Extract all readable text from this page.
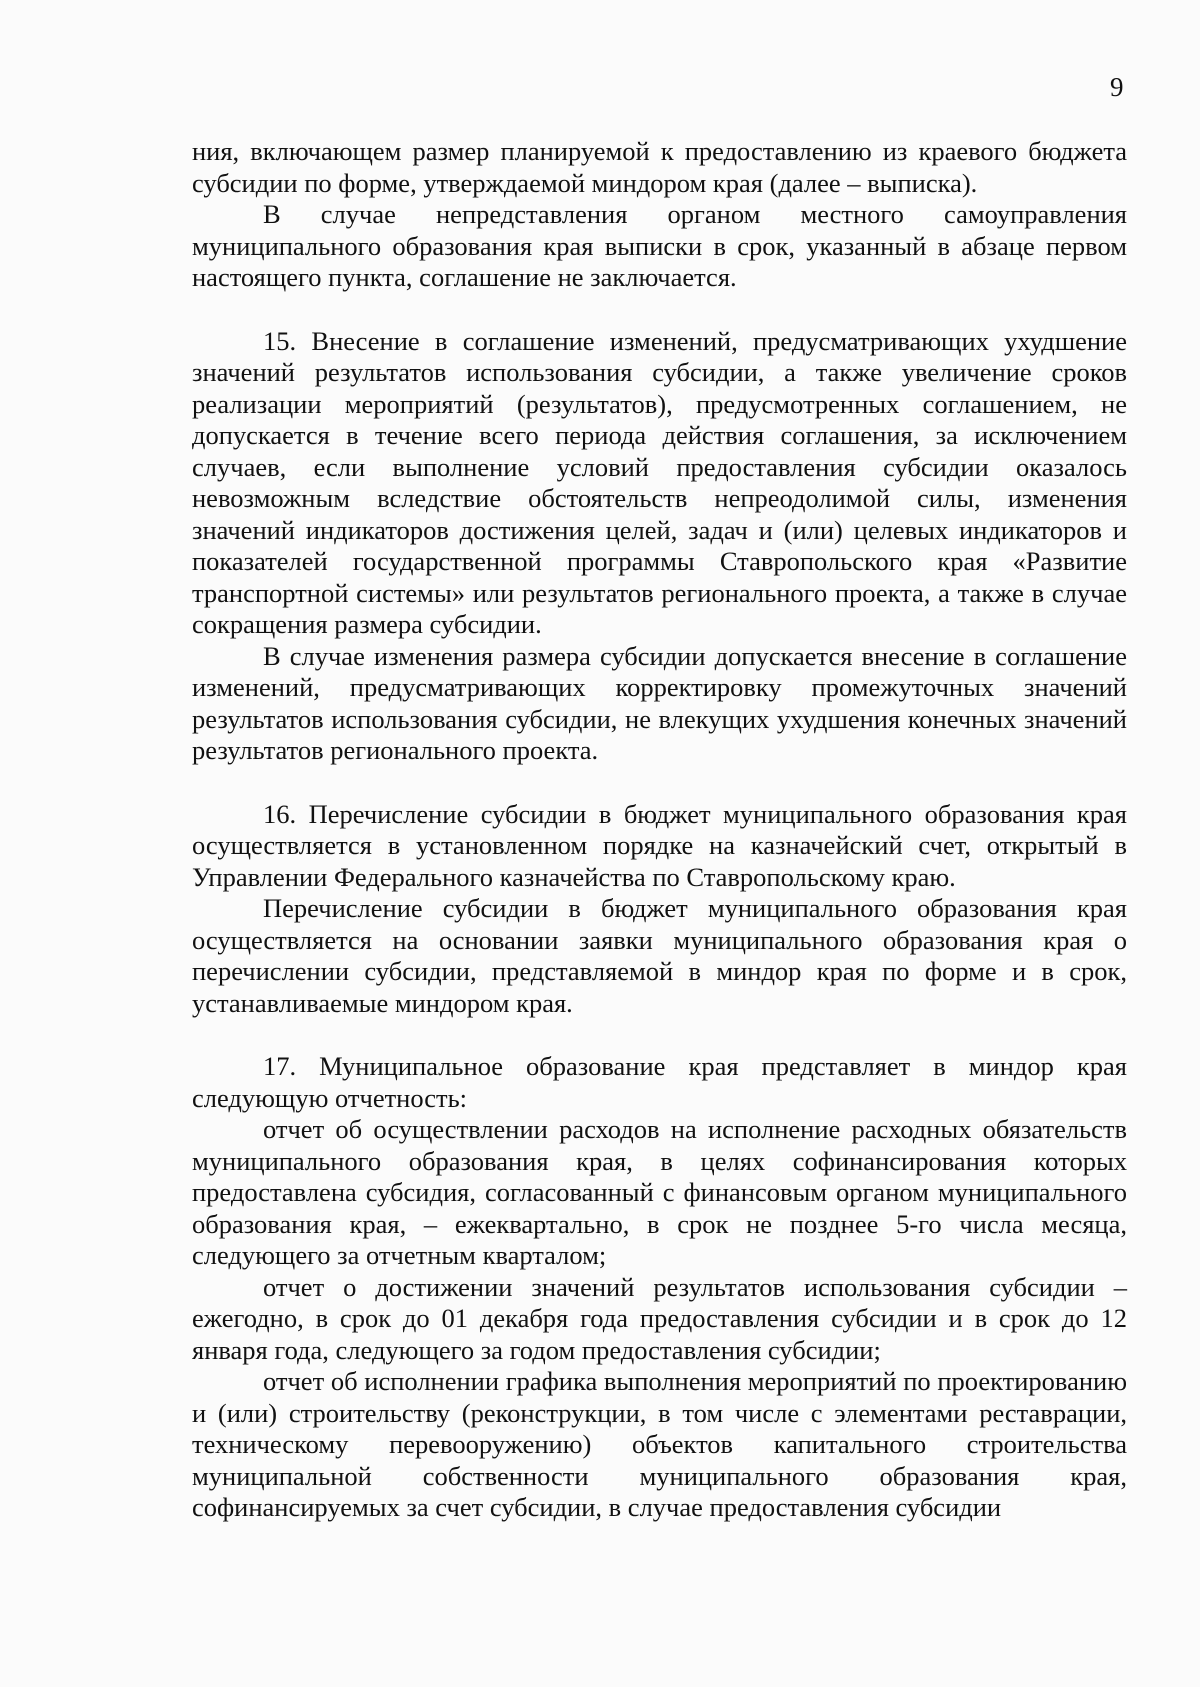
9

ния, включающем размер планируемой к предоставлению из краевого бюджета субсидии по форме, утверждаемой миндором края (далее – выписка).

В случае непредставления органом местного самоуправления муниципального образования края выписки в срок, указанный в абзаце первом настоящего пункта, соглашение не заключается.

15. Внесение в соглашение изменений, предусматривающих ухудшение значений результатов использования субсидии, а также увеличение сроков реализации мероприятий (результатов), предусмотренных соглашением, не допускается в течение всего периода действия соглашения, за исключением случаев, если выполнение условий предоставления субсидии оказалось невозможным вследствие обстоятельств непреодолимой силы, изменения значений индикаторов достижения целей, задач и (или) целевых индикаторов и показателей государственной программы Ставропольского края «Развитие транспортной системы» или результатов регионального проекта, а также в случае сокращения размера субсидии.

В случае изменения размера субсидии допускается внесение в соглашение изменений, предусматривающих корректировку промежуточных значений результатов использования субсидии, не влекущих ухудшения конечных значений результатов регионального проекта.

16. Перечисление субсидии в бюджет муниципального образования края осуществляется в установленном порядке на казначейский счет, открытый в Управлении Федерального казначейства по Ставропольскому краю.

Перечисление субсидии в бюджет муниципального образования края осуществляется на основании заявки муниципального образования края о перечислении субсидии, представляемой в миндор края по форме и в срок, устанавливаемые миндором края.

17. Муниципальное образование края представляет в миндор края следующую отчетность:

отчет об осуществлении расходов на исполнение расходных обязательств муниципального образования края, в целях софинансирования которых предоставлена субсидия, согласованный с финансовым органом муниципального образования края, – ежеквартально, в срок не позднее 5-го числа месяца, следующего за отчетным кварталом;

отчет о достижении значений результатов использования субсидии – ежегодно, в срок до 01 декабря года предоставления субсидии и в срок до 12 января года, следующего за годом предоставления субсидии;

отчет об исполнении графика выполнения мероприятий по проектированию и (или) строительству (реконструкции, в том числе с элементами реставрации, техническому перевооружению) объектов капитального строительства муниципальной собственности муниципального образования края, софинансируемых за счет субсидии, в случае предоставления субсидии
